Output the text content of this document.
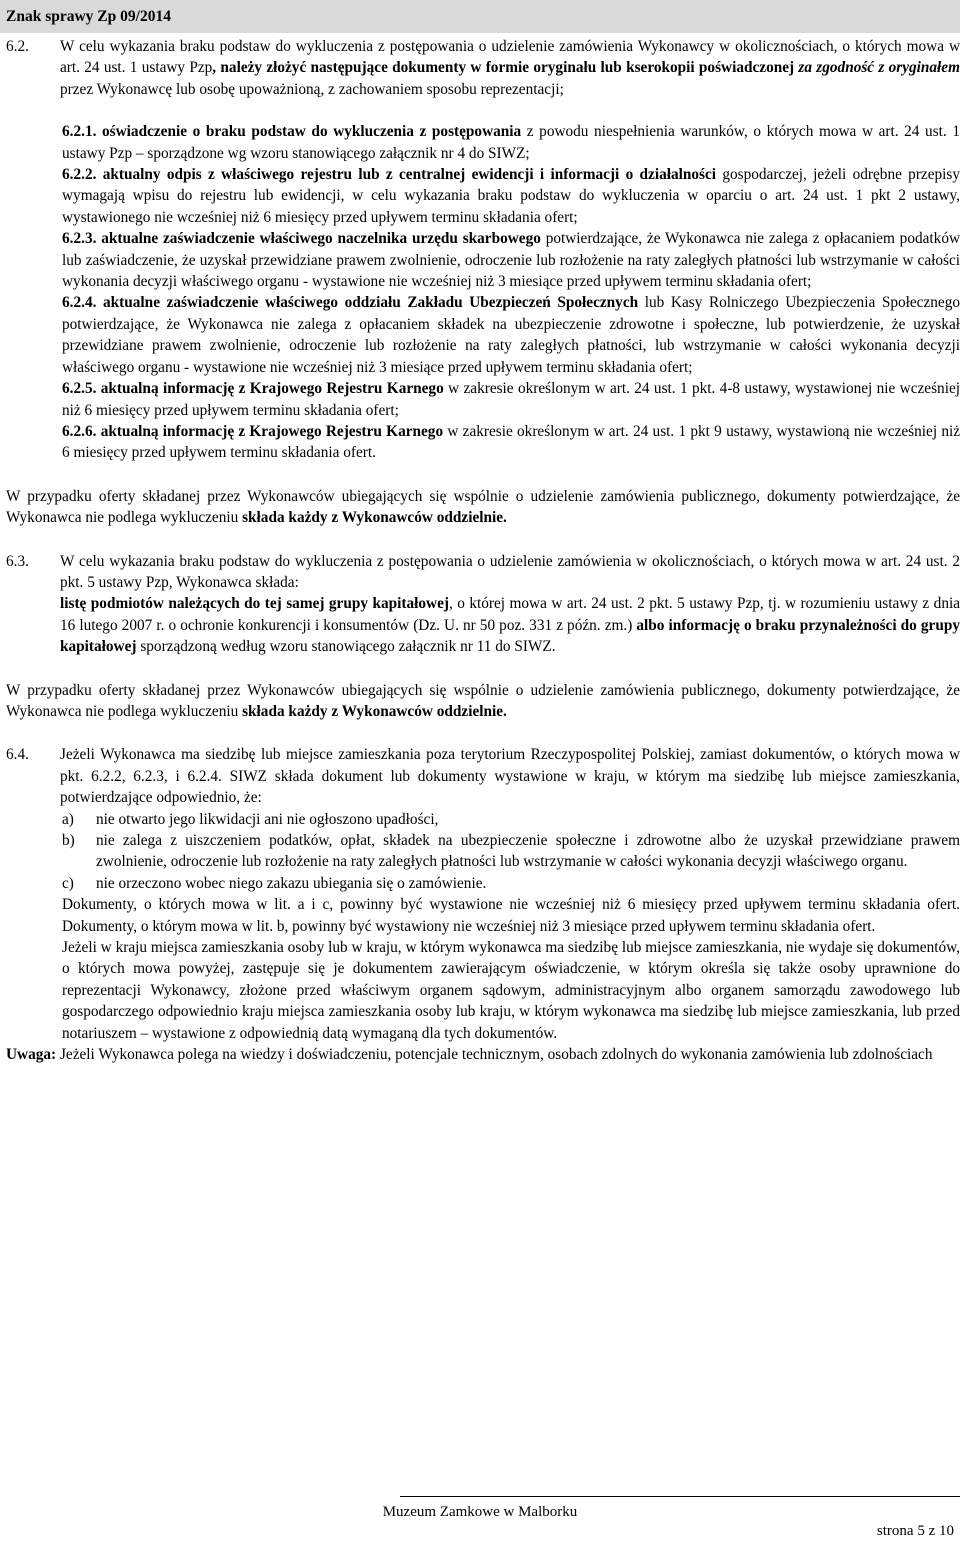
Znak sprawy Zp 09/2014

6.2. W celu wykazania braku podstaw do wykluczenia z postępowania o udzielenie zamówienia Wykonawcy w okolicznościach, o których mowa w art. 24 ust. 1 ustawy Pzp, należy złożyć następujące dokumenty w formie oryginału lub kserokopii poświadczonej za zgodność z oryginałem przez Wykonawcę lub osobę upoważnioną, z zachowaniem sposobu reprezentacji;

6.2.1. oświadczenie o braku podstaw do wykluczenia z postępowania z powodu niespełnienia warunków, o których mowa w art. 24 ust. 1 ustawy Pzp – sporządzone wg wzoru stanowiącego załącznik nr 4 do SIWZ;

6.2.2. aktualny odpis z właściwego rejestru lub z centralnej ewidencji i informacji o działalności gospodarczej, jeżeli odrębne przepisy wymagają wpisu do rejestru lub ewidencji, w celu wykazania braku podstaw do wykluczenia w oparciu o art. 24 ust. 1 pkt 2 ustawy, wystawionego nie wcześniej niż 6 miesięcy przed upływem terminu składania ofert;

6.2.3. aktualne zaświadczenie właściwego naczelnika urzędu skarbowego potwierdzające, że Wykonawca nie zalega z opłacaniem podatków lub zaświadczenie, że uzyskał przewidziane prawem zwolnienie, odroczenie lub rozłożenie na raty zaległych płatności lub wstrzymanie w całości wykonania decyzji właściwego organu - wystawione nie wcześniej niż 3 miesiące przed upływem terminu składania ofert;

6.2.4. aktualne zaświadczenie właściwego oddziału Zakładu Ubezpieczeń Społecznych lub Kasy Rolniczego Ubezpieczenia Społecznego potwierdzające, że Wykonawca nie zalega z opłacaniem składek na ubezpieczenie zdrowotne i społeczne, lub potwierdzenie, że uzyskał przewidziane prawem zwolnienie, odroczenie lub rozłożenie na raty zaległych płatności, lub wstrzymanie w całości wykonania decyzji właściwego organu - wystawione nie wcześniej niż 3 miesiące przed upływem terminu składania ofert;

6.2.5. aktualną informację z Krajowego Rejestru Karnego w zakresie określonym w art. 24 ust. 1 pkt. 4-8 ustawy, wystawionej nie wcześniej niż 6 miesięcy przed upływem terminu składania ofert;

6.2.6. aktualną informację z Krajowego Rejestru Karnego w zakresie określonym w art. 24 ust. 1 pkt 9 ustawy, wystawioną nie wcześniej niż 6 miesięcy przed upływem terminu składania ofert.

W przypadku oferty składanej przez Wykonawców ubiegających się wspólnie o udzielenie zamówienia publicznego, dokumenty potwierdzające, że Wykonawca nie podlega wykluczeniu składa każdy z Wykonawców oddzielnie.

6.3. W celu wykazania braku podstaw do wykluczenia z postępowania o udzielenie zamówienia w okolicznościach, o których mowa w art. 24 ust. 2 pkt. 5 ustawy Pzp, Wykonawca składa:
listę podmiotów należących do tej samej grupy kapitałowej, o której mowa w art. 24 ust. 2 pkt. 5 ustawy Pzp, tj. w rozumieniu ustawy z dnia 16 lutego 2007 r. o ochronie konkurencji i konsumentów (Dz. U. nr 50 poz. 331 z późn. zm.) albo informację o braku przynależności do grupy kapitałowej sporządzoną według wzoru stanowiącego załącznik nr 11 do SIWZ.

W przypadku oferty składanej przez Wykonawców ubiegających się wspólnie o udzielenie zamówienia publicznego, dokumenty potwierdzające, że Wykonawca nie podlega wykluczeniu składa każdy z Wykonawców oddzielnie.

6.4. Jeżeli Wykonawca ma siedzibę lub miejsce zamieszkania poza terytorium Rzeczypospolitej Polskiej, zamiast dokumentów, o których mowa w pkt. 6.2.2, 6.2.3, i 6.2.4. SIWZ składa dokument lub dokumenty wystawione w kraju, w którym ma siedzibę lub miejsce zamieszkania, potwierdzające odpowiednio, że:

a) nie otwarto jego likwidacji ani nie ogłoszono upadłości,

b) nie zalega z uiszczeniem podatków, opłat, składek na ubezpieczenie społeczne i zdrowotne albo że uzyskał przewidziane prawem zwolnienie, odroczenie lub rozłożenie na raty zaległych płatności lub wstrzymanie w całości wykonania decyzji właściwego organu.

c) nie orzeczono wobec niego zakazu ubiegania się o zamówienie.

Dokumenty, o których mowa w lit. a i c, powinny być wystawione nie wcześniej niż 6 miesięcy przed upływem terminu składania ofert. Dokumenty, o którym mowa w lit. b, powinny być wystawiony nie wcześniej niż 3 miesiące przed upływem terminu składania ofert.

Jeżeli w kraju miejsca zamieszkania osoby lub w kraju, w którym wykonawca ma siedzibę lub miejsce zamieszkania, nie wydaje się dokumentów, o których mowa powyżej, zastępuje się je dokumentem zawierającym oświadczenie, w którym określa się także osoby uprawnione do reprezentacji Wykonawcy, złożone przed właściwym organem sądowym, administracyjnym albo organem samorządu zawodowego lub gospodarczego odpowiednio kraju miejsca zamieszkania osoby lub kraju, w którym wykonawca ma siedzibę lub miejsce zamieszkania, lub przed notariuszem – wystawione z odpowiednią datą wymaganą dla tych dokumentów.

Uwaga: Jeżeli Wykonawca polega na wiedzy i doświadczeniu, potencjale technicznym, osobach zdolnych do wykonania zamówienia lub zdolnościach

Muzeum Zamkowe w Malborku
strona 5 z 10
